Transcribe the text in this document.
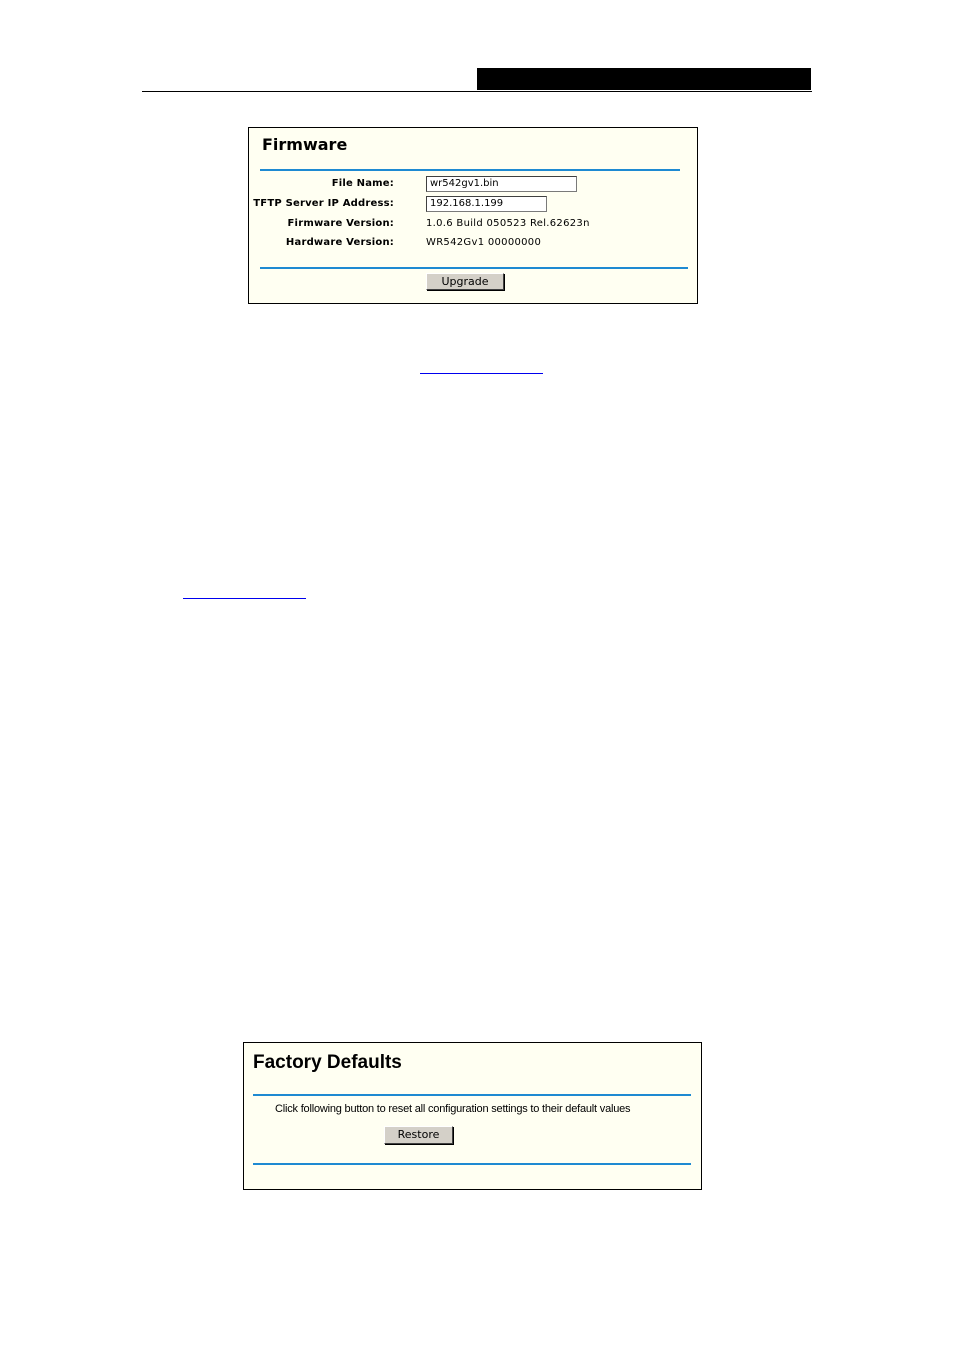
Firmware
File Name:	wr542gv1.bin
TFTP Server IP Address:	192.168.1.199
Firmware Version:	1.0.6 Build 050523 Rel.62623n
Hardware Version:	WR542Gv1 00000000
Upgrade
Factory Defaults
Click following button to reset all configuration settings to their default values
Restore
